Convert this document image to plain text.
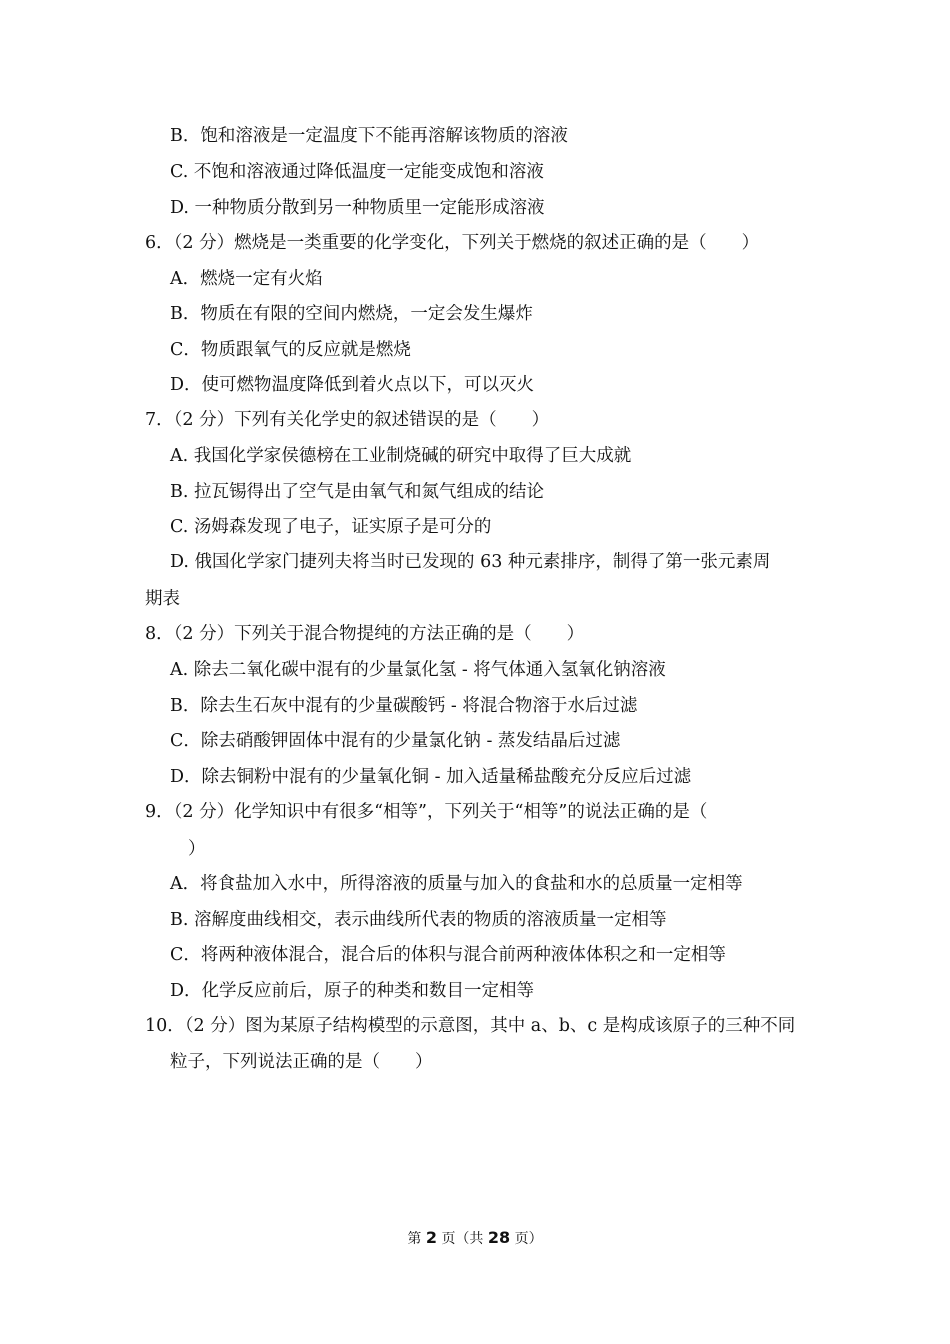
B．饱和溶液是一定温度下不能再溶解该物质的溶液
C. 不饱和溶液通过降低温度一定能变成饱和溶液
D. 一种物质分散到另一种物质里一定能形成溶液
6．（2 分）燃烧是一类重要的化学变化，下列关于燃烧的叙述正确的是（　　）
A．燃烧一定有火焰
B．物质在有限的空间内燃烧，一定会发生爆炸
C．物质跟氧气的反应就是燃烧
D．使可燃物温度降低到着火点以下，可以灭火
7．（2 分）下列有关化学史的叙述错误的是（　　）
A. 我国化学家侯德榜在工业制烧碱的研究中取得了巨大成就
B. 拉瓦锡得出了空气是由氧气和氮气组成的结论
C. 汤姆森发现了电子，证实原子是可分的
D. 俄国化学家门捷列夫将当时已发现的 63 种元素排序，制得了第一张元素周
期表
8．（2 分）下列关于混合物提纯的方法正确的是（　　）
A. 除去二氧化碳中混有的少量氯化氢 - 将气体通入氢氧化钠溶液
B．除去生石灰中混有的少量碳酸钙 - 将混合物溶于水后过滤
C．除去硝酸钾固体中混有的少量氯化钠 - 蒸发结晶后过滤
D．除去铜粉中混有的少量氧化铜 - 加入适量稀盐酸充分反应后过滤
9．（2 分）化学知识中有很多“相等”，下列关于“相等”的说法正确的是（
）
A．将食盐加入水中，所得溶液的质量与加入的食盐和水的总质量一定相等
B. 溶解度曲线相交，表示曲线所代表的物质的溶液质量一定相等
C．将两种液体混合，混合后的体积与混合前两种液体体积之和一定相等
D．化学反应前后，原子的种类和数目一定相等
10．（2 分）图为某原子结构模型的示意图，其中 a、b、c 是构成该原子的三种不同
粒子，下列说法正确的是（　　）
第 2 页（共 28 页）
